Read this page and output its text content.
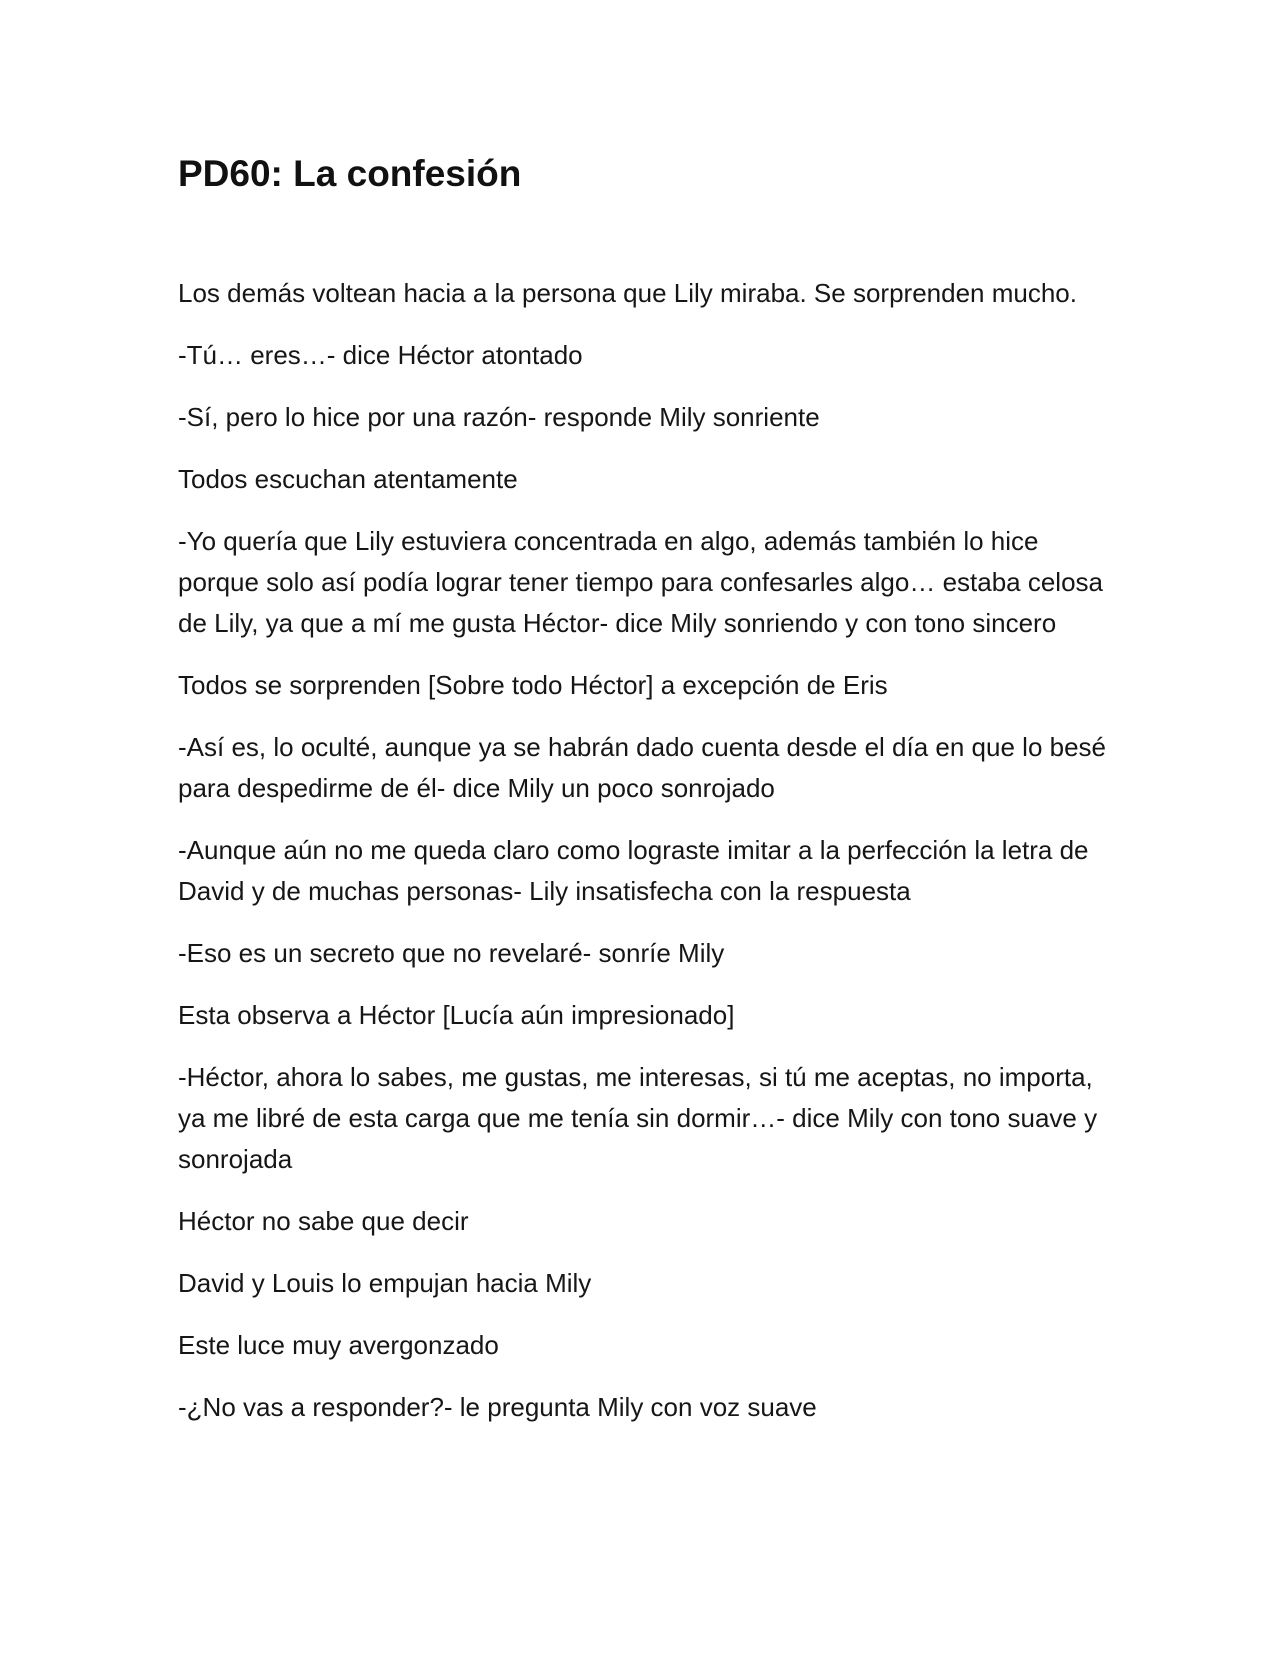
PD60: La confesión

Los demás voltean hacia a la persona que Lily miraba. Se sorprenden mucho.

-Tú… eres…- dice Héctor atontado

-Sí, pero lo hice por una razón- responde Mily sonriente

Todos escuchan atentamente

-Yo quería que Lily estuviera concentrada en algo, además también lo hice porque solo así podía lograr tener tiempo para confesarles algo… estaba celosa de Lily, ya que a mí me gusta Héctor- dice Mily sonriendo y con tono sincero

Todos se sorprenden [Sobre todo Héctor] a excepción de Eris

-Así es, lo oculté, aunque ya se habrán dado cuenta desde el día en que lo besé para despedirme de él- dice Mily un poco sonrojado

-Aunque aún no me queda claro como lograste imitar a la perfección la letra de David y de muchas personas- Lily insatisfecha con la respuesta

-Eso es un secreto que no revelaré- sonríe Mily

Esta observa a Héctor [Lucía aún impresionado]

-Héctor, ahora lo sabes, me gustas, me interesas, si tú me aceptas, no importa, ya me libré de esta carga que me tenía sin dormir…- dice Mily con tono suave y sonrojada

Héctor no sabe que decir

David y Louis lo empujan hacia Mily

Este luce muy avergonzado

-¿No vas a responder?- le pregunta Mily con voz suave
